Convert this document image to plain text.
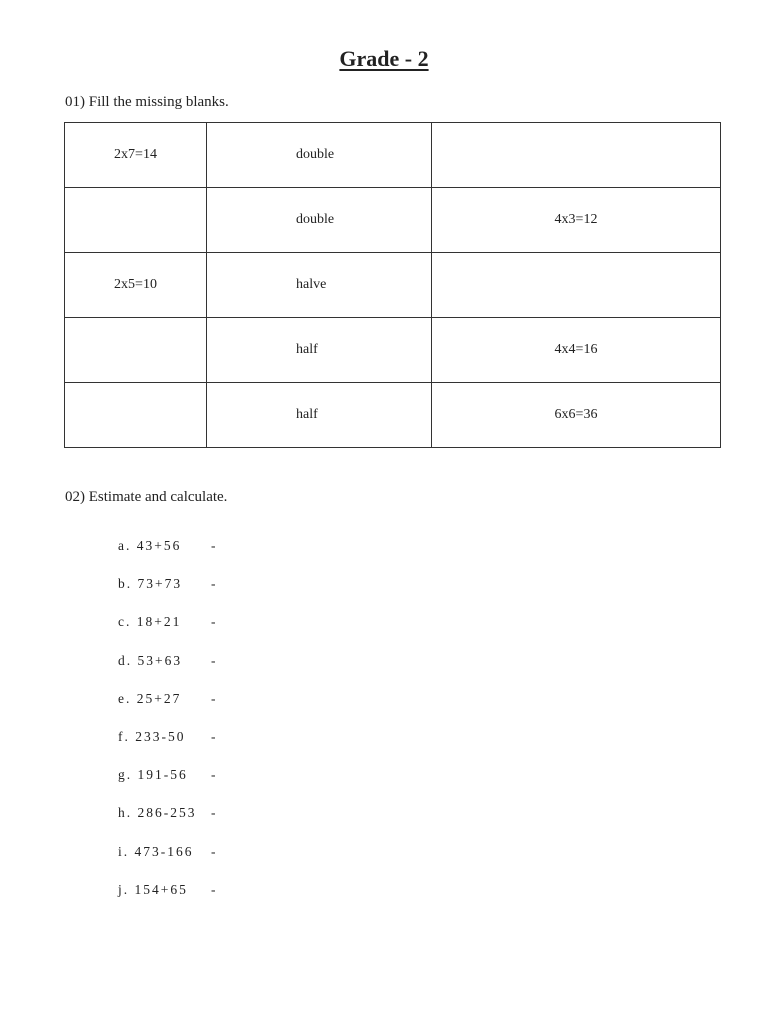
Grade - 2
01) Fill the missing blanks.
2x7=14	double	
	double	4x3=12
2x5=10	halve	
	half	4x4=16
	half	6x6=36
02) Estimate and calculate.
a. 43+56	-
b. 73+73	-
c. 18+21	-
d. 53+63	-
e. 25+27	-
f. 233-50	-
g. 191-56	-
h. 286-253	-
i. 473-166	-
j. 154+65	-
